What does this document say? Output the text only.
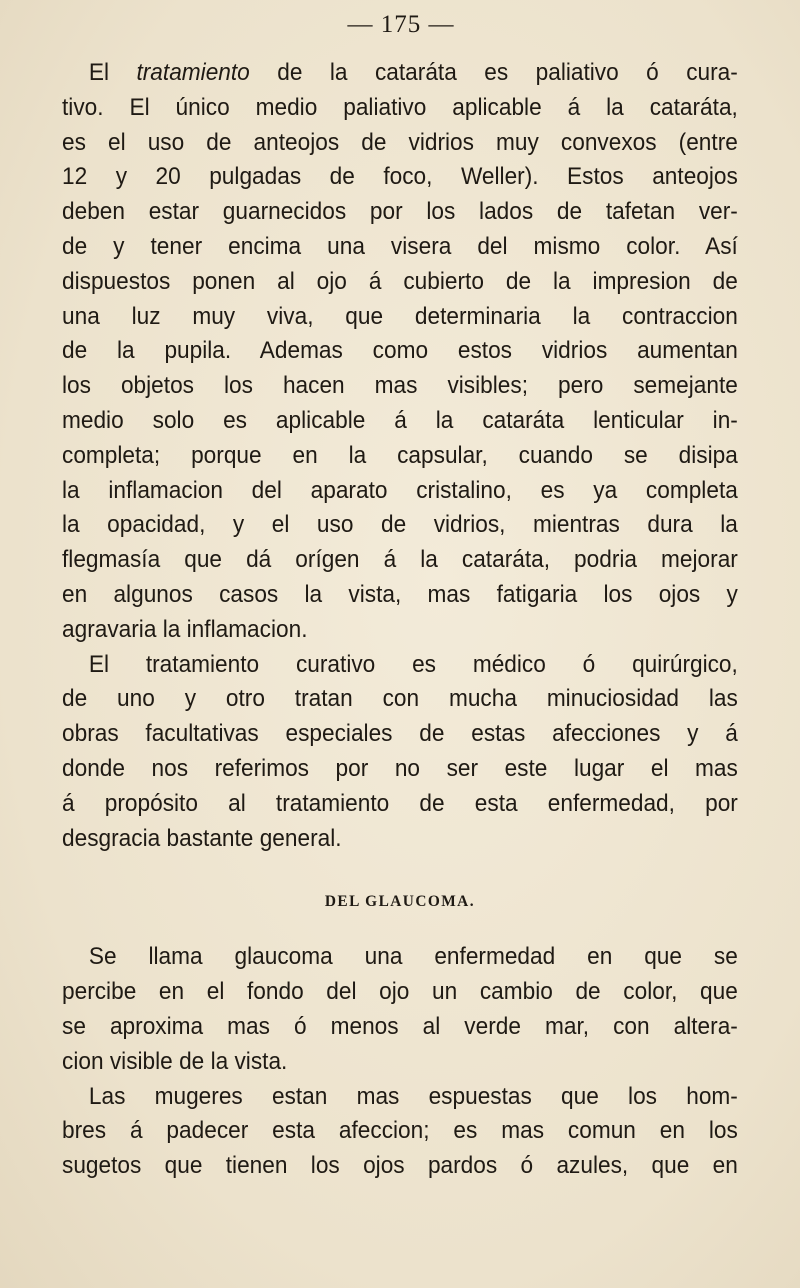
— 175 —
El tratamiento de la cataráta es paliativo ó cura-
tivo. El único medio paliativo aplicable á la cataráta,
es el uso de anteojos de vidrios muy convexos (entre
12 y 20 pulgadas de foco, Weller). Estos anteojos
deben estar guarnecidos por los lados de tafetan ver-
de y tener encima una visera del mismo color. Así
dispuestos ponen al ojo á cubierto de la impresion de
una luz muy viva, que determinaria la contraccion
de la pupila. Ademas como estos vidrios aumentan
los objetos los hacen mas visibles; pero semejante
medio solo es aplicable á la cataráta lenticular in-
completa; porque en la capsular, cuando se disipa
la inflamacion del aparato cristalino, es ya completa
la opacidad, y el uso de vidrios, mientras dura la
flegmasía que dá orígen á la cataráta, podria mejorar
en algunos casos la vista, mas fatigaria los ojos y
agravaria la inflamacion.
El tratamiento curativo es médico ó quirúrgico,
de uno y otro tratan con mucha minuciosidad las
obras facultativas especiales de estas afecciones y á
donde nos referimos por no ser este lugar el mas
á propósito al tratamiento de esta enfermedad, por
desgracia bastante general.
DEL GLAUCOMA.
Se llama glaucoma una enfermedad en que se
percibe en el fondo del ojo un cambio de color, que
se aproxima mas ó menos al verde mar, con altera-
cion visible de la vista.
Las mugeres estan mas espuestas que los hom-
bres á padecer esta afeccion; es mas comun en los
sugetos que tienen los ojos pardos ó azules, que en
